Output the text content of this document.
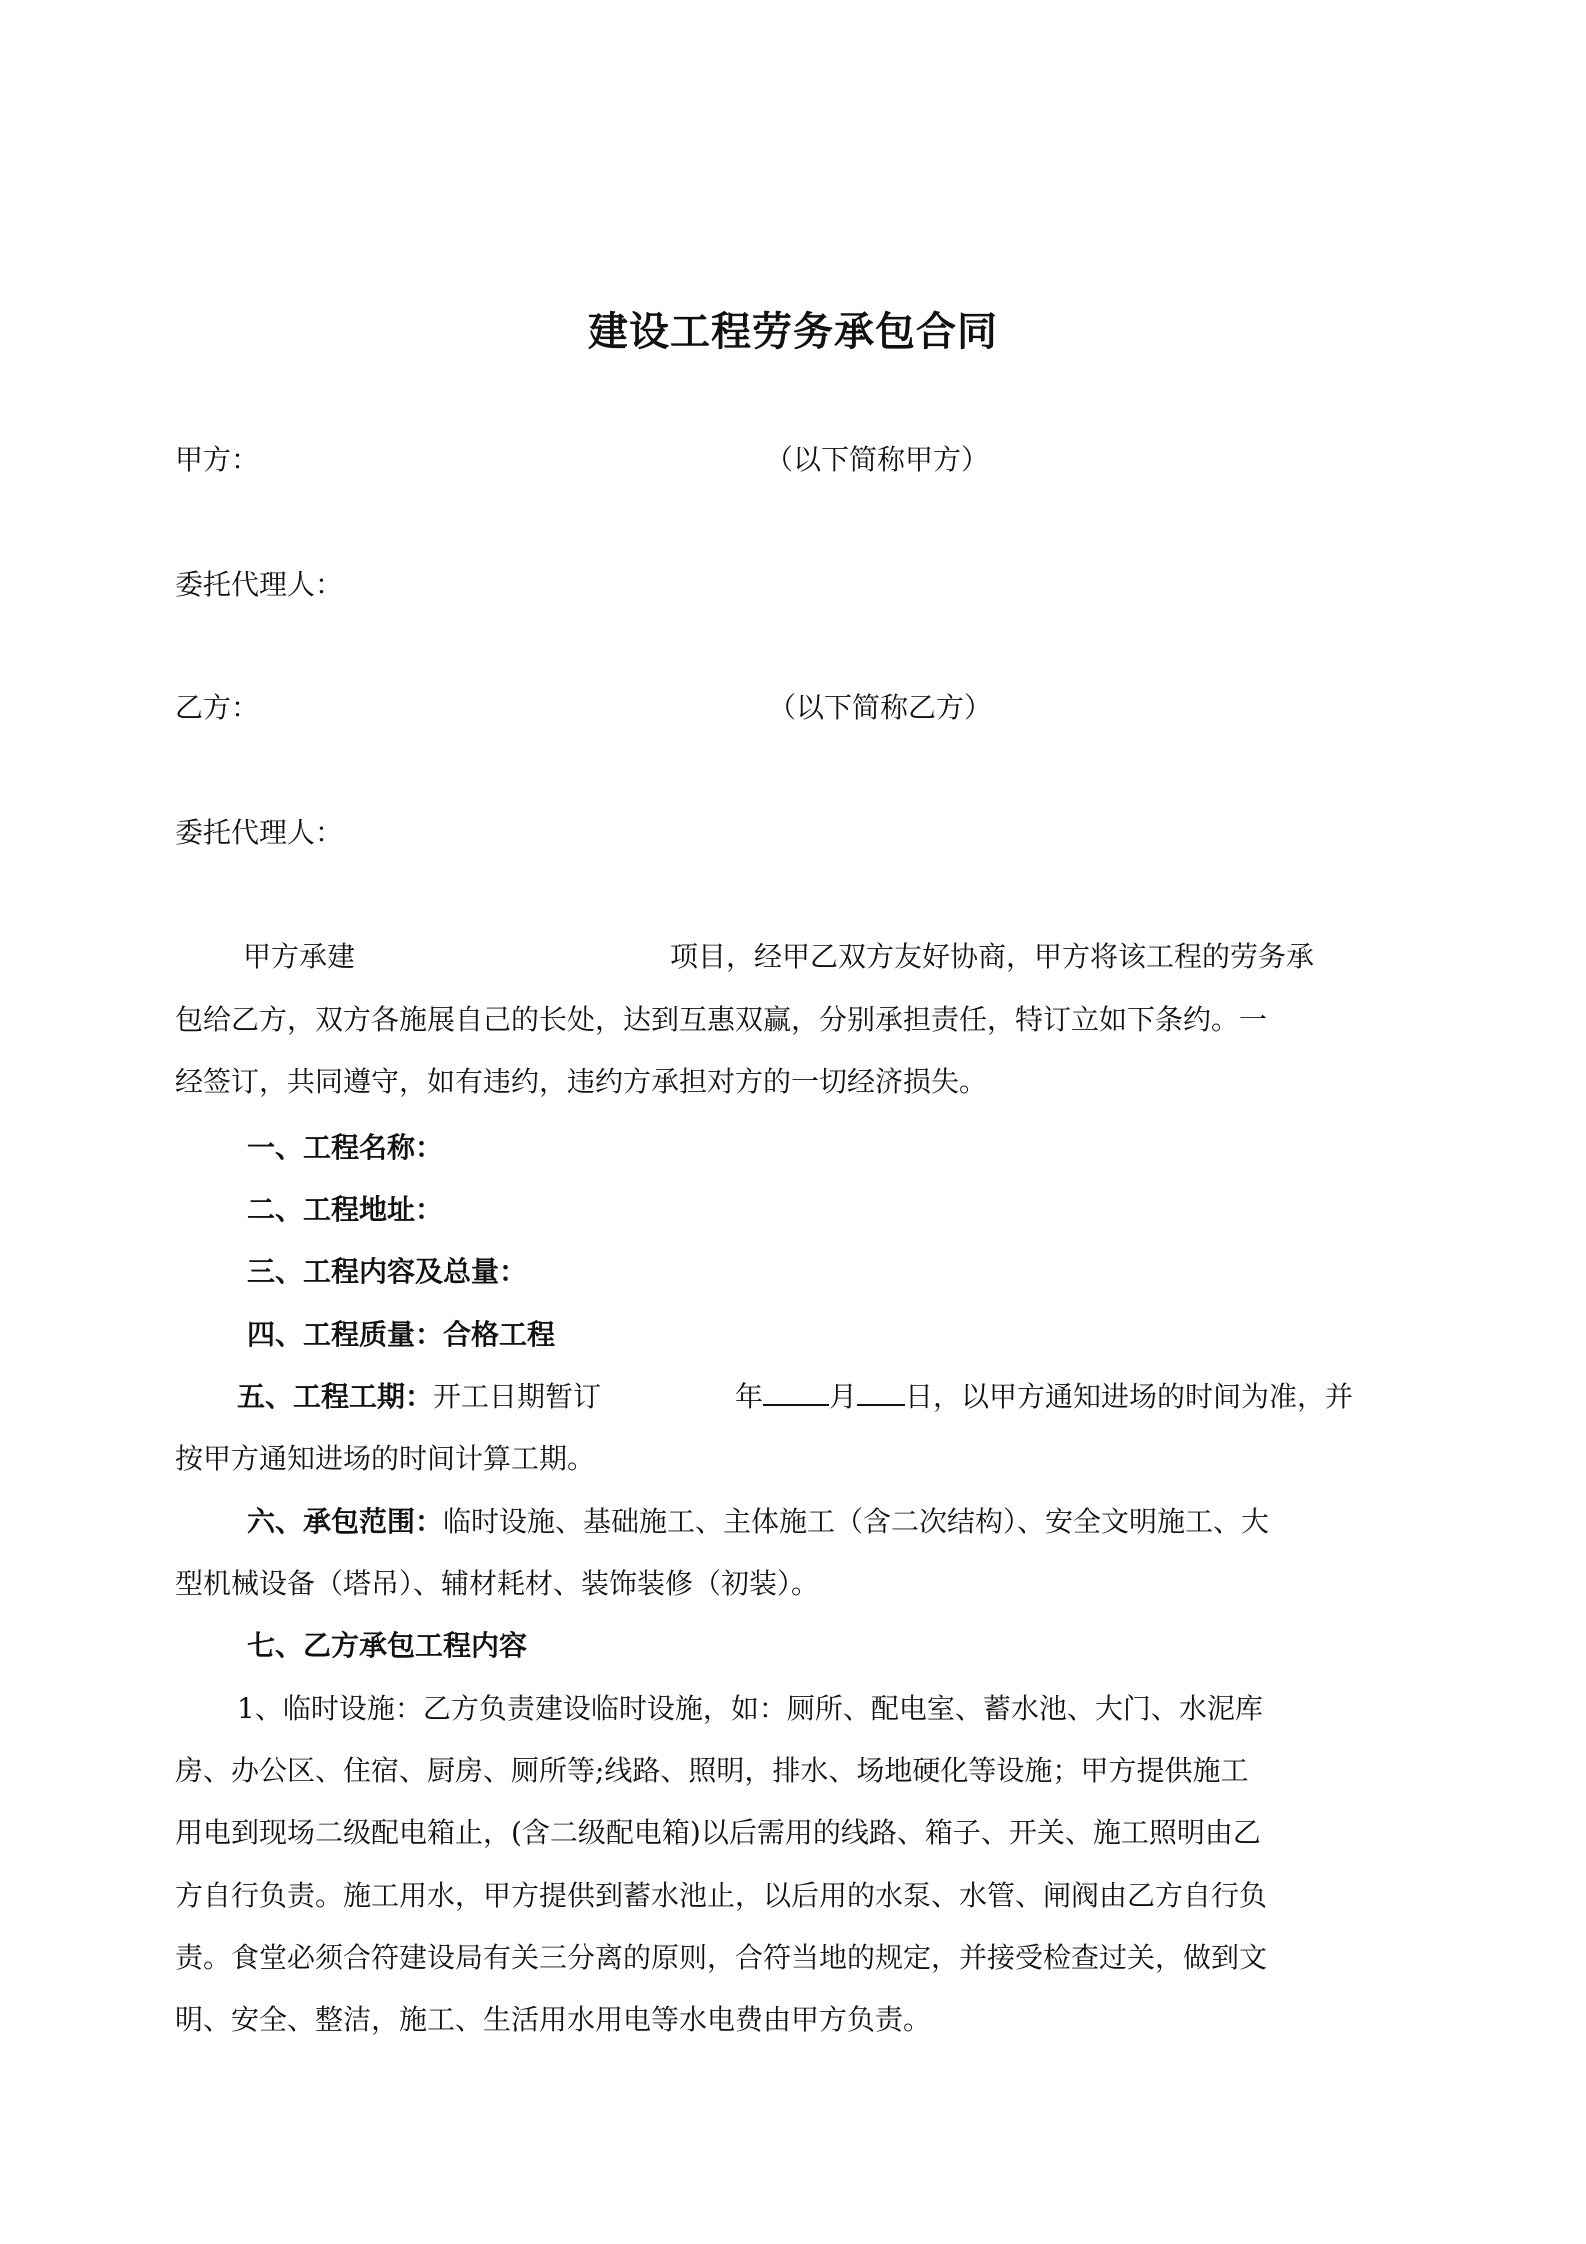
建设工程劳务承包合同
甲方：	（以下简称甲方）
委托代理人：
乙方：	（以下简称乙方）
委托代理人：
甲方承建	项目，经甲乙双方友好协商，甲方将该工程的劳务承
包给乙方，双方各施展自己的长处，达到互惠双赢，分别承担责任，特订立如下条约。一
经签订，共同遵守，如有违约，违约方承担对方的一切经济损失。
一、工程名称：
二、工程地址：
三、工程内容及总量：
四、工程质量：合格工程
五、工程工期：开工日期暂订	年 月 日，以甲方通知进场的时间为准，并
按甲方通知进场的时间计算工期。
六、承包范围：临时设施、基础施工、主体施工（含二次结构）、安全文明施工、大
型机械设备（塔吊）、辅材耗材、装饰装修（初装）。
七、乙方承包工程内容
1、临时设施：乙方负责建设临时设施，如：厕所、配电室、蓄水池、大门、水泥库
房、办公区、住宿、厨房、厕所等;线路、照明，排水、场地硬化等设施；甲方提供施工
用电到现场二级配电箱止，(含二级配电箱)以后需用的线路、箱子、开关、施工照明由乙
方自行负责。施工用水，甲方提供到蓄水池止，以后用的水泵、水管、闸阀由乙方自行负
责。食堂必须合符建设局有关三分离的原则，合符当地的规定，并接受检查过关，做到文
明、安全、整洁，施工、生活用水用电等水电费由甲方负责。
